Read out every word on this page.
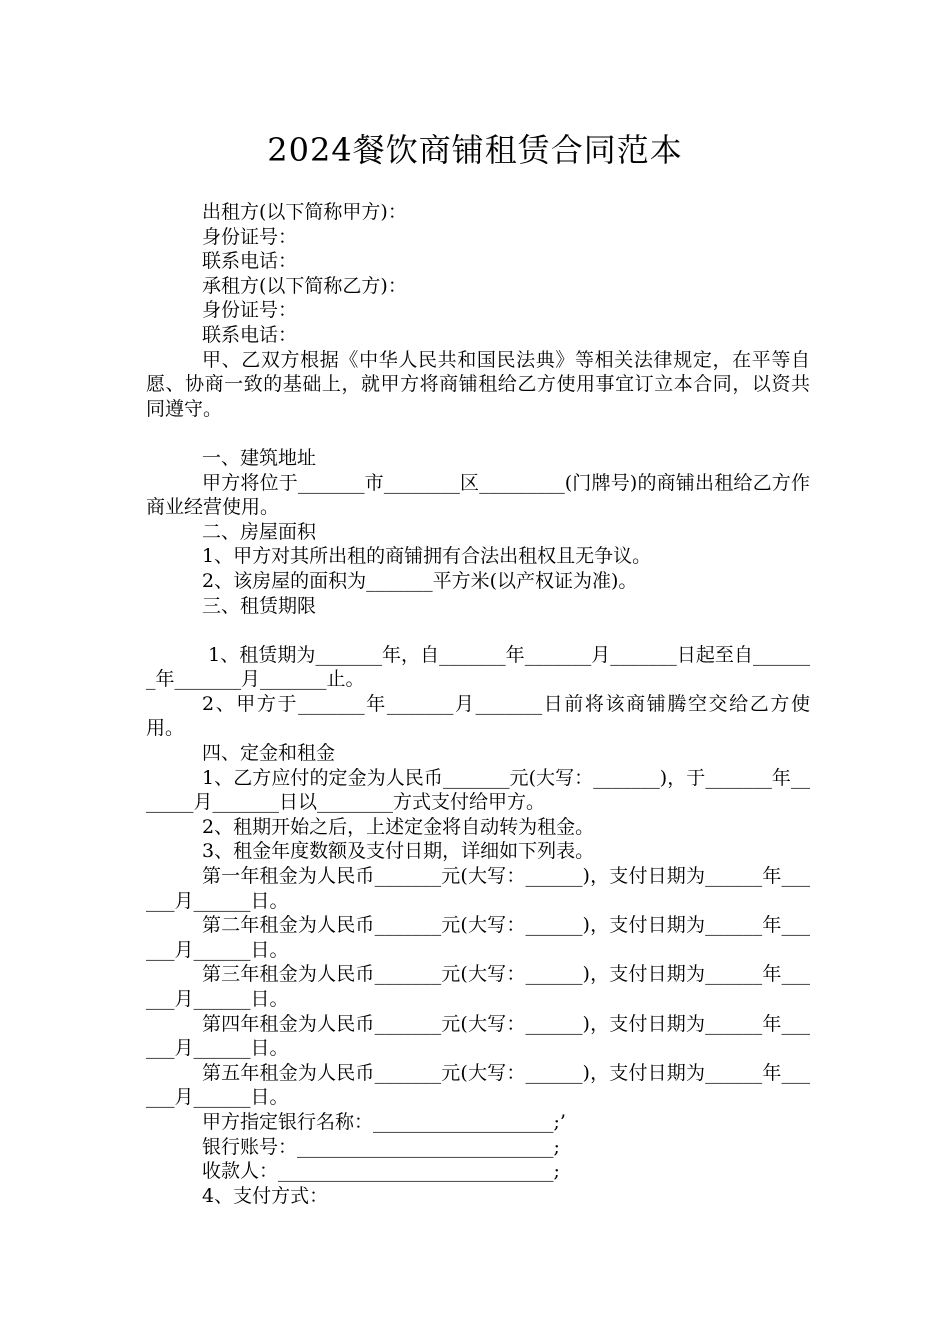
2024餐饮商铺租赁合同范本
出租方(以下简称甲方)：
身份证号：
联系电话：
承租方(以下简称乙方)：
身份证号：
联系电话：
甲、乙双方根据《中华人民共和国民法典》等相关法律规定，在平等自愿、协商一致的基础上，就甲方将商铺租给乙方使用事宜订立本合同，以资共同遵守。
一、建筑地址
甲方将位于_______市________区_________(门牌号)的商铺出租给乙方作商业经营使用。
二、房屋面积
1、甲方对其所出租的商铺拥有合法出租权且无争议。
2、该房屋的面积为_______平方米(以产权证为准)。
三、租赁期限
1、租赁期为_______年，自_______年_______月_______日起至自_______年_______月_______止。
2、甲方于_______年_______月_______日前将该商铺腾空交给乙方使用。
四、定金和租金
1、乙方应付的定金为人民币_______元(大写：_______)，于_______年_______月_______日以________方式支付给甲方。
2、租期开始之后，上述定金将自动转为租金。
3、租金年度数额及支付日期，详细如下列表。
第一年租金为人民币_______元(大写：______)，支付日期为______年______月______日。
第二年租金为人民币_______元(大写：______)，支付日期为______年______月______日。
第三年租金为人民币_______元(大写：______)，支付日期为______年______月______日。
第四年租金为人民币_______元(大写：______)，支付日期为______年______月______日。
第五年租金为人民币_______元(大写：______)，支付日期为______年______月______日。
甲方指定银行名称：___________________;’
银行账号：___________________________;
收款人：_____________________________;
4、支付方式：
